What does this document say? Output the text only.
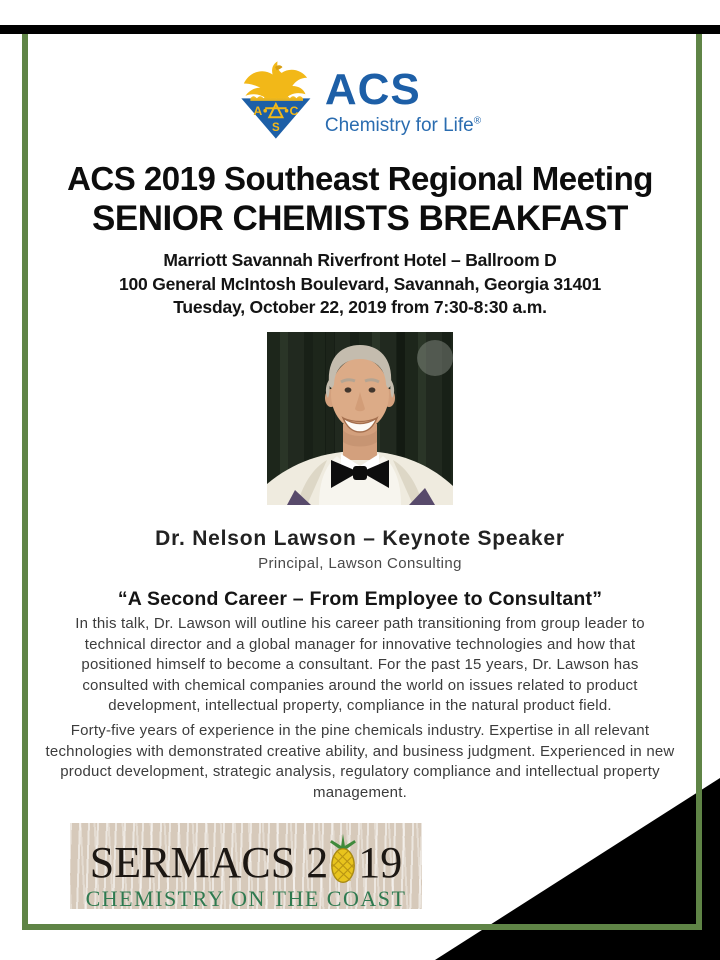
A C
S
ACS
Chemistry for Life®
ACS 2019 Southeast Regional Meeting
SENIOR CHEMISTS BREAKFAST
Marriott Savannah Riverfront Hotel – Ballroom D
100 General McIntosh Boulevard, Savannah, Georgia 31401
Tuesday, October 22, 2019 from 7:30-8:30 a.m.
Dr. Nelson Lawson – Keynote Speaker
Principal, Lawson Consulting
“A Second Career – From Employee to Consultant”
In this talk, Dr. Lawson will outline his career path transitioning from group leader to technical director and a global manager for innovative technologies and how that positioned himself to become a consultant. For the past 15 years, Dr. Lawson has consulted with chemical companies around the world on issues related to product development, intellectual property, compliance in the natural product field.
Forty-five years of experience in the pine chemicals industry. Expertise in all relevant technologies with demonstrated creative ability, and business judgment. Experienced in new product development, strategic analysis, regulatory compliance and intellectual property management.
SERMACS 2 19
CHEMISTRY ON THE COAST
